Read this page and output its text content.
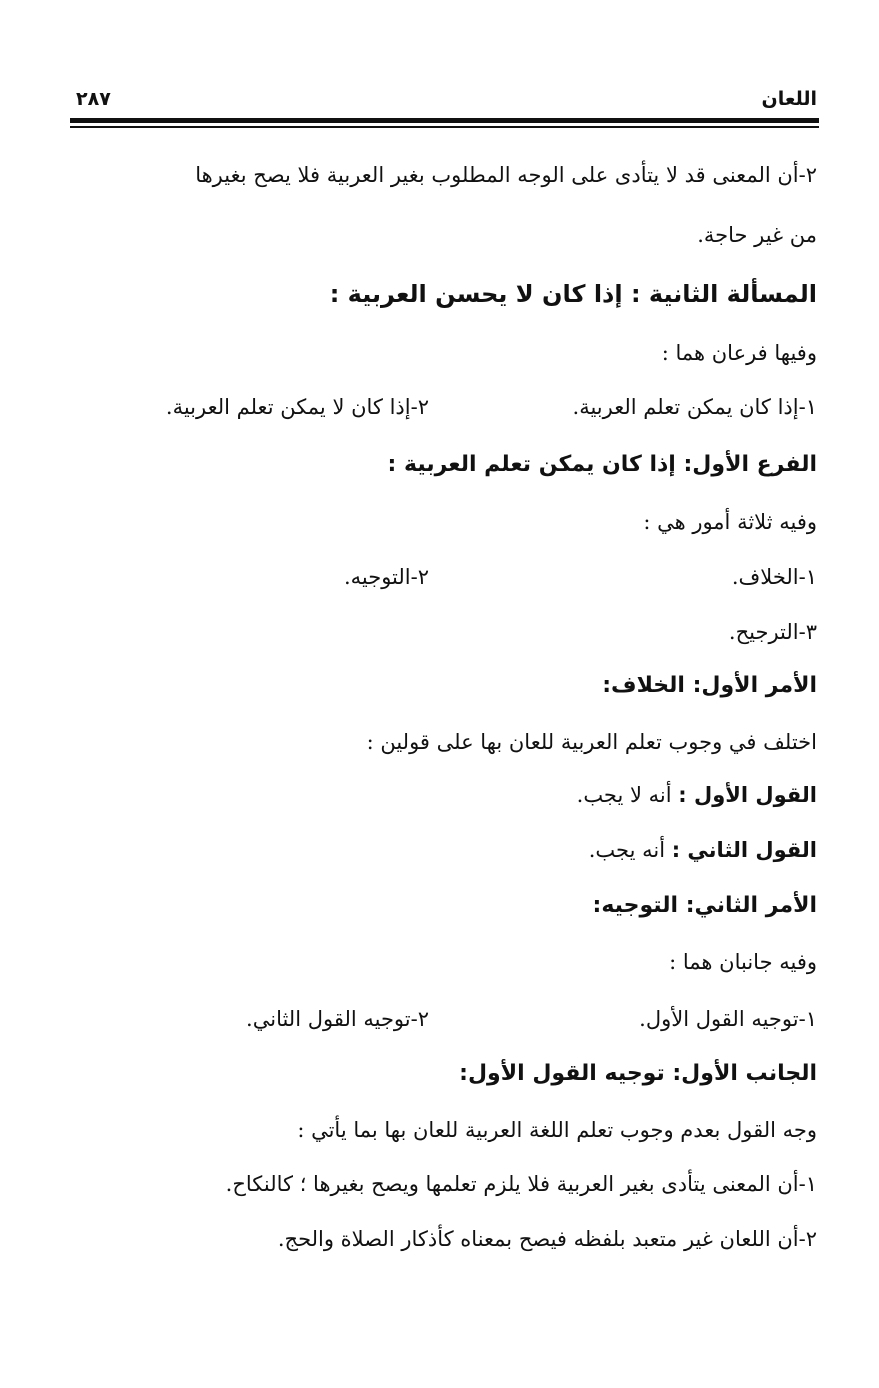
اللعان
٢٨٧
٢-أن المعنى قد لا يتأدى على الوجه المطلوب بغير العربية فلا يصح بغيرها
من غير حاجة.
المسألة الثانية : إذا كان لا يحسن العربية :
وفيها فرعان هما :
١-إذا كان يمكن تعلم العربية.
٢-إذا كان لا يمكن تعلم العربية.
الفرع الأول: إذا كان يمكن تعلم العربية :
وفيه ثلاثة أمور هي :
١-الخلاف.
٢-التوجيه.
٣-الترجيح.
الأمر الأول: الخلاف:
اختلف في وجوب تعلم العربية للعان بها على قولين :
القول الأول : أنه لا يجب.
القول الثاني : أنه يجب.
الأمر الثاني: التوجيه:
وفيه جانبان هما :
١-توجيه القول الأول.
٢-توجيه القول الثاني.
الجانب الأول: توجيه القول الأول:
وجه القول بعدم وجوب تعلم اللغة العربية للعان بها بما يأتي :
١-أن المعنى يتأدى بغير العربية فلا يلزم تعلمها ويصح بغيرها ؛ كالنكاح.
٢-أن اللعان غير متعبد بلفظه فيصح بمعناه كأذكار الصلاة والحج.
